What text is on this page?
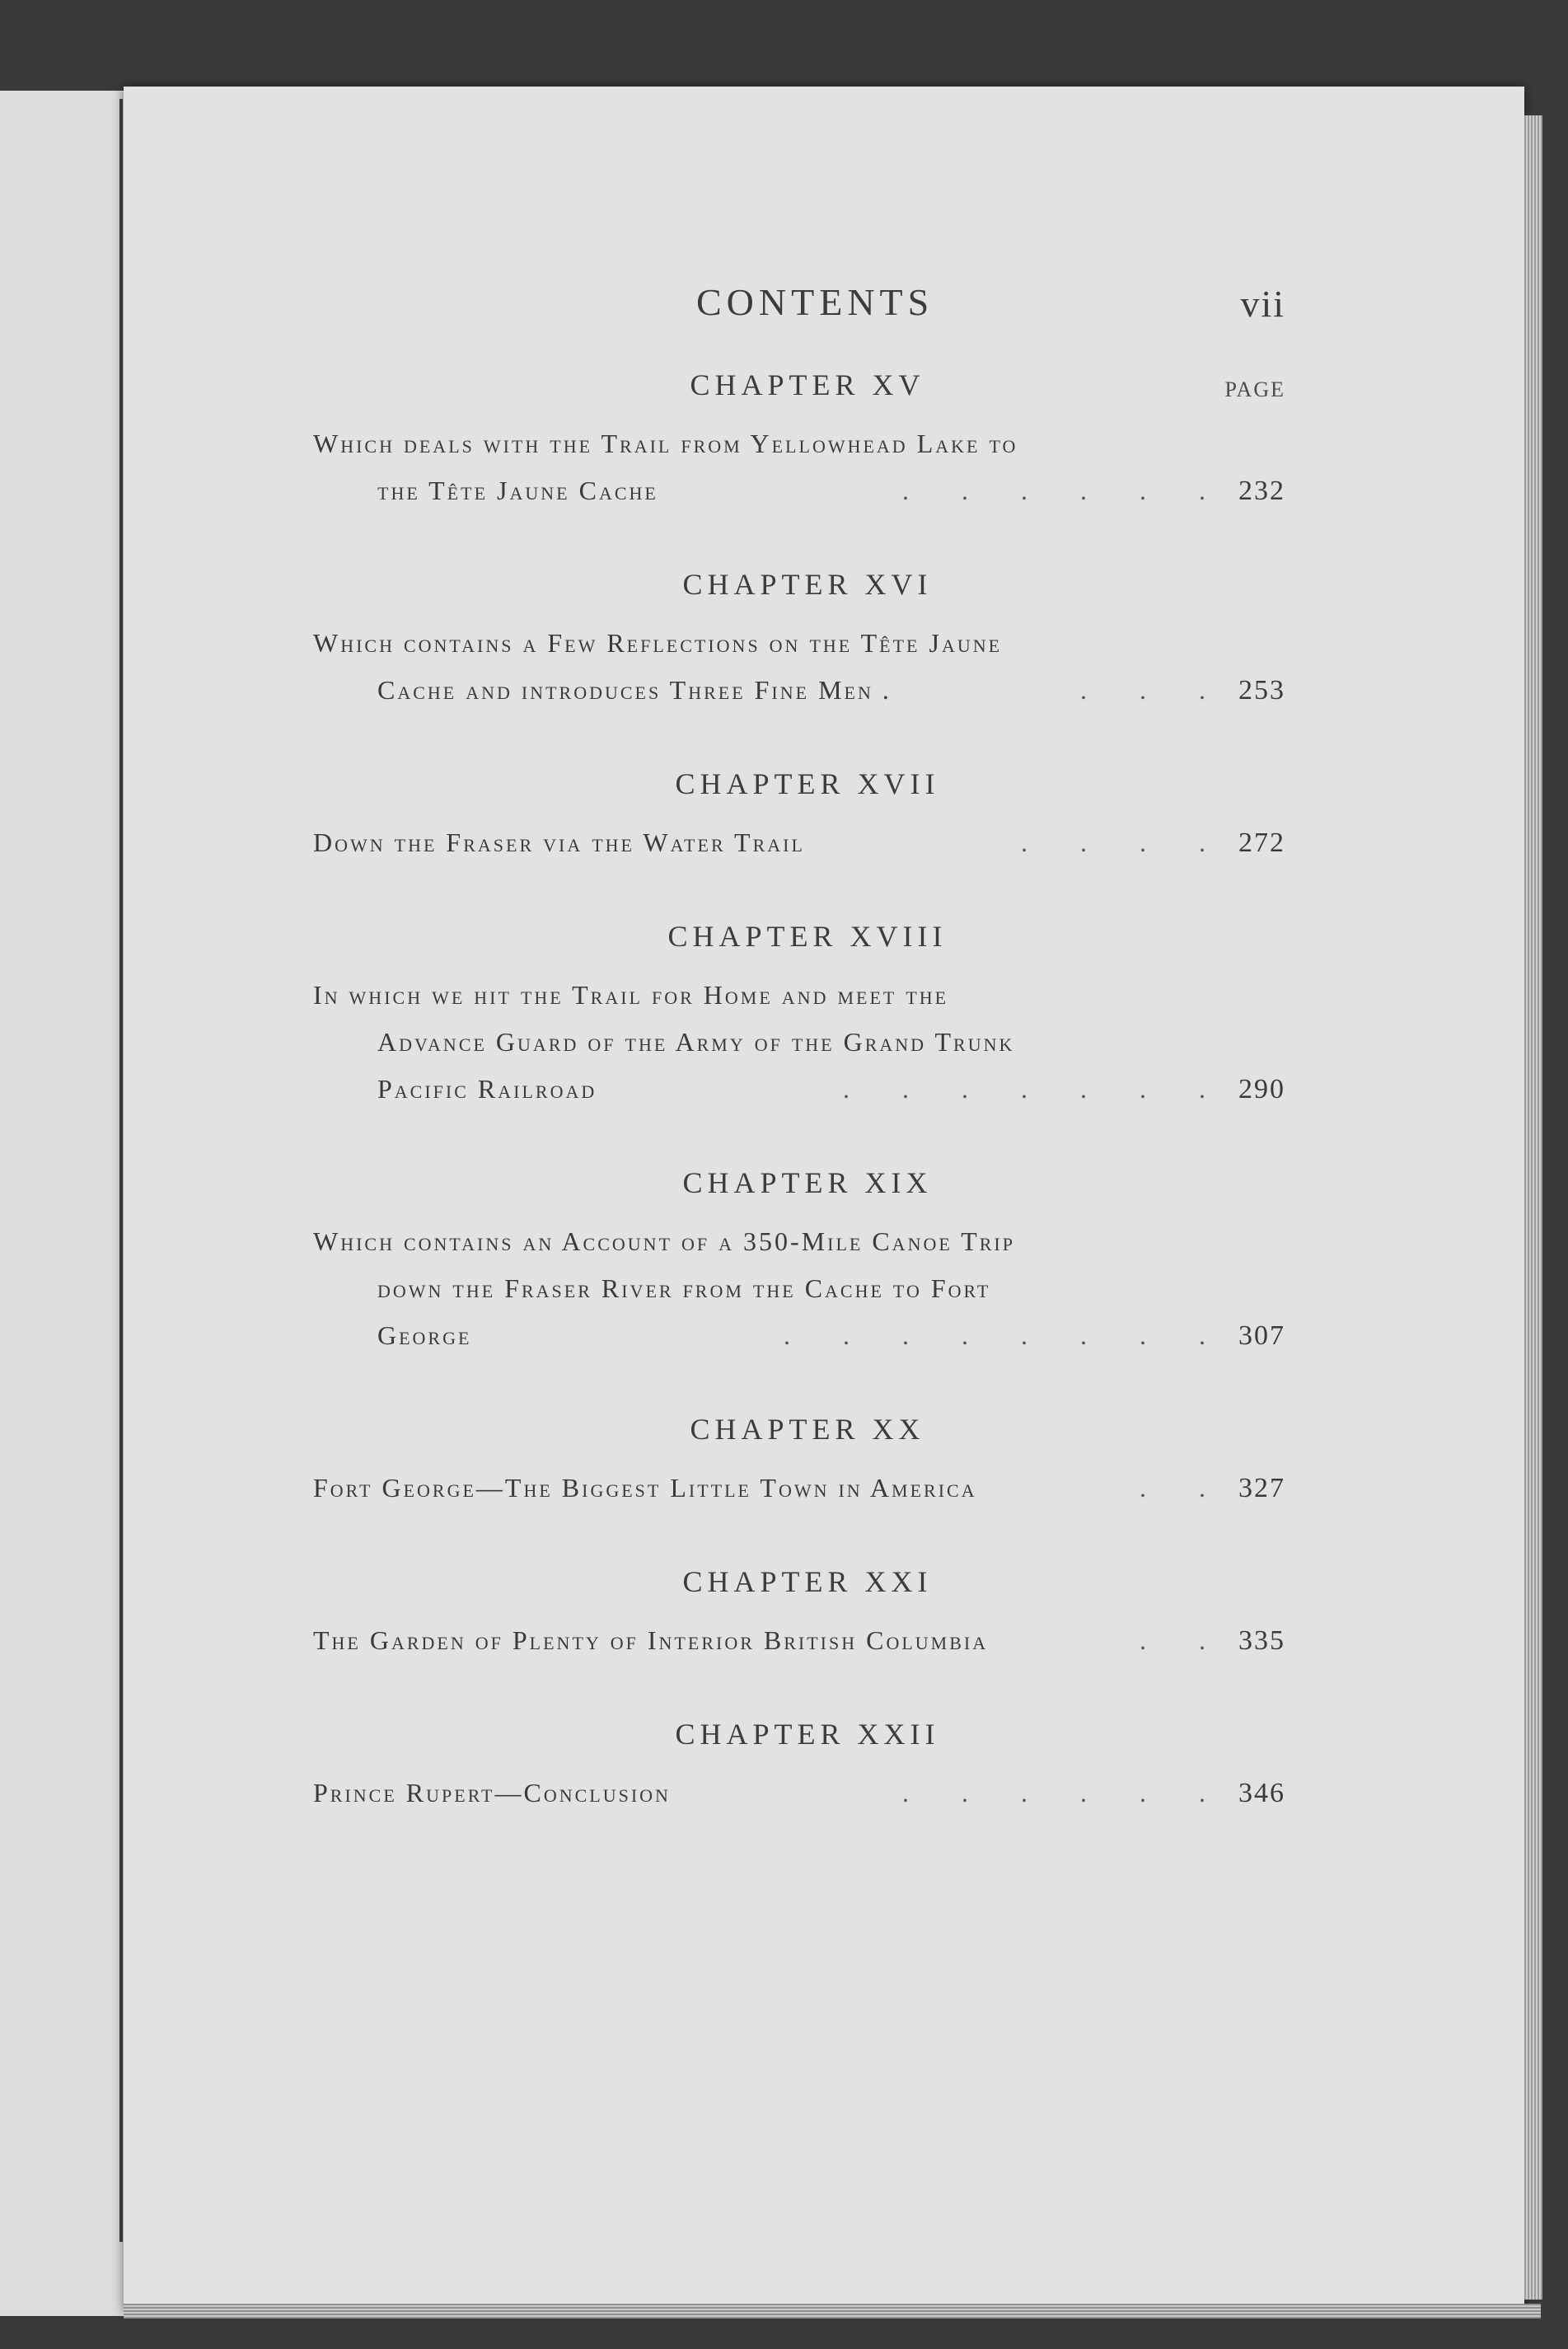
CONTENTS	vii
PAGE
CHAPTER XV
Which deals with the Trail from Yellowhead Lake to
the Tête Jaune Cache	232
.  .  .  .  .  .
CHAPTER XVI
Which contains a Few Reflections on the Tête Jaune
Cache and introduces Three Fine Men .	253
.  .  .
CHAPTER XVII
Down the Fraser via the Water Trail	272
.  .  .  .
CHAPTER XVIII
In which we hit the Trail for Home and meet the
Advance Guard of the Army of the Grand Trunk
Pacific Railroad	290
.  .  .  .  .  .  .
CHAPTER XIX
Which contains an Account of a 350-Mile Canoe Trip
down the Fraser River from the Cache to Fort
George	307
.  .  .  .  .  .  .  .
CHAPTER XX
Fort George—The Biggest Little Town in America	327
.  .
CHAPTER XXI
The Garden of Plenty of Interior British Columbia	335
.  .
CHAPTER XXII
Prince Rupert—Conclusion	346
.  .  .  .  .  .
